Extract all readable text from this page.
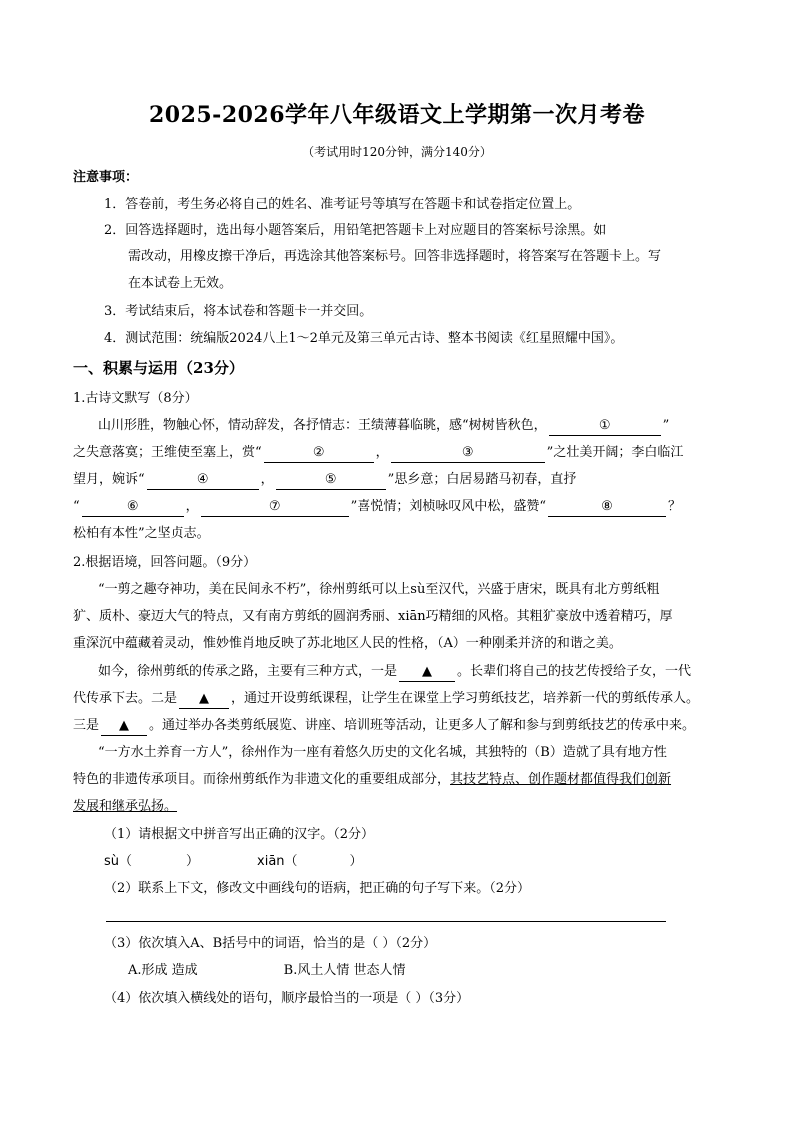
2025-2026学年八年级语文上学期第一次月考卷
（考试用时120分钟，满分140分）
注意事项：
1．答卷前，考生务必将自己的姓名、准考证号等填写在答题卡和试卷指定位置上。
2．回答选择题时，选出每小题答案后，用铅笔把答题卡上对应题目的答案标号涂黑。如
需改动，用橡皮擦干净后，再选涂其他答案标号。回答非选择题时，将答案写在答题卡上。写
在本试卷上无效。
3．考试结束后，将本试卷和答题卡一并交回。
4．测试范围：统编版2024八上1～2单元及第三单元古诗、整本书阅读《红星照耀中国》。
一、积累与运用（23分）
1.古诗文默写（8分）
山川形胜，物触心怀，情动辞发，各抒情志：王绩薄暮临眺，感“树树皆秋色，	①	”
之失意落寞；王维使至塞上，赏“	②	，	③	”之壮美开阔；李白临江
望月，婉诉“	④	，	⑤	”思乡意；白居易踏马初春，直抒
“	⑥	，	⑦	”喜悦情；刘桢咏叹风中松，盛赞“	⑧	？
松柏有本性”之坚贞志。
2.根据语境，回答问题。（9分）
“一剪之趣夺神功，美在民间永不朽”，徐州剪纸可以上sù至汉代，兴盛于唐宋，既具有北方剪纸粗
犷、质朴、豪迈大气的特点，又有南方剪纸的圆润秀丽、xiān巧精细的风格。其粗犷豪放中透着精巧，厚
重深沉中蕴藏着灵动，惟妙惟肖地反映了苏北地区人民的性格，（A）一种刚柔并济的和谐之美。
如今，徐州剪纸的传承之路，主要有三种方式，一是 ▲ 。长辈们将自己的技艺传授给子女，一代
代传承下去。二是 ▲ ，通过开设剪纸课程，让学生在课堂上学习剪纸技艺，培养新一代的剪纸传承人。
三是 ▲ 。通过举办各类剪纸展览、讲座、培训班等活动，让更多人了解和参与到剪纸技艺的传承中来。
“一方水土养育一方人”，徐州作为一座有着悠久历史的文化名城，其独特的（B）造就了具有地方性
特色的非遗传承项目。而徐州剪纸作为非遗文化的重要组成部分，其技艺特点、创作题材都值得我们创新
发展和继承弘扬。
（1）请根据文中拼音写出正确的汉字。（2分）
sù（	）	xiān（	）
（2）联系上下文，修改文中画线句的语病，把正确的句子写下来。（2分）
（3）依次填入A、B括号中的词语，恰当的是（ ）（2分）
A.形成 造成	B.风土人情 世态人情
（4）依次填入横线处的语句，顺序最恰当的一项是（ ）（3分）
